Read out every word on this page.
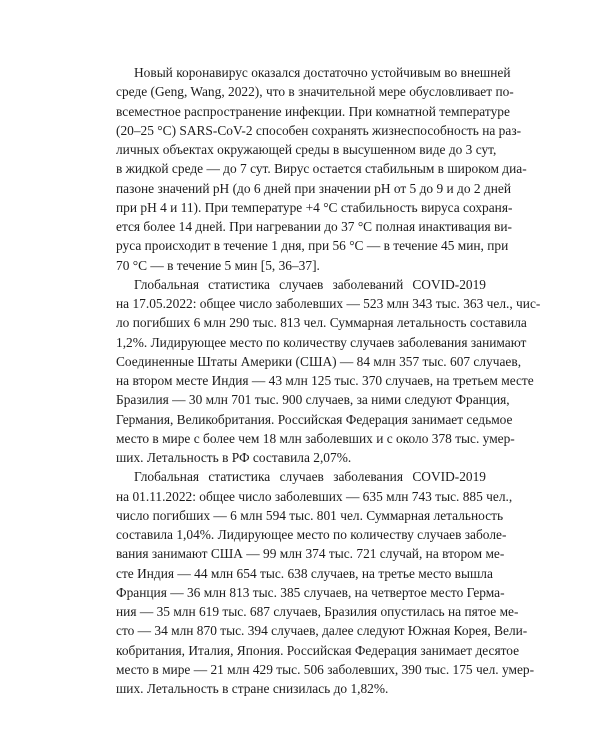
Новый коронавирус оказался достаточно устойчивым во внешней
среде (Geng, Wang, 2022), что в значительной мере обусловливает по-
всеместное распространение инфекции. При комнатной температуре
(20–25 °С) SARS-CoV-2 способен сохранять жизнеспособность на раз-
личных объектах окружающей среды в высушенном виде до 3 сут,
в жидкой среде — до 7 сут. Вирус остается стабильным в широком диа-
пазоне значений pH (до 6 дней при значении pH от 5 до 9 и до 2 дней
при pH 4 и 11). При температуре +4 °С стабильность вируса сохраня-
ется более 14 дней. При нагревании до 37 °С полная инактивация ви-
руса происходит в течение 1 дня, при 56 °С — в течение 45 мин, при
70 °С — в течение 5 мин [5, 36–37].
Глобальная статистика случаев заболеваний COVID-2019
на 17.05.2022: общее число заболевших — 523 млн 343 тыс. 363 чел., чис-
ло погибших 6 млн 290 тыс. 813 чел. Суммарная летальность составила
1,2%. Лидирующее место по количеству случаев заболевания занимают
Соединенные Штаты Америки (США) — 84 млн 357 тыс. 607 случаев,
на втором месте Индия — 43 млн 125 тыс. 370 случаев, на третьем месте
Бразилия — 30 млн 701 тыс. 900 случаев, за ними следуют Франция,
Германия, Великобритания. Российская Федерация занимает седьмое
место в мире с более чем 18 млн заболевших и с около 378 тыс. умер-
ших. Летальность в РФ составила 2,07%.
Глобальная статистика случаев заболевания COVID-2019
на 01.11.2022: общее число заболевших — 635 млн 743 тыс. 885 чел.,
число погибших — 6 млн 594 тыс. 801 чел. Суммарная летальность
составила 1,04%. Лидирующее место по количеству случаев заболе-
вания занимают США — 99 млн 374 тыс. 721 случай, на втором ме-
сте Индия — 44 млн 654 тыс. 638 случаев, на третье место вышла
Франция — 36 млн 813 тыс. 385 случаев, на четвертое место Герма-
ния — 35 млн 619 тыс. 687 случаев, Бразилия опустилась на пятое ме-
сто — 34 млн 870 тыс. 394 случаев, далее следуют Южная Корея, Вели-
кобритания, Италия, Япония. Российская Федерация занимает десятое
место в мире — 21 млн 429 тыс. 506 заболевших, 390 тыс. 175 чел. умер-
ших. Летальность в стране снизилась до 1,82%.
